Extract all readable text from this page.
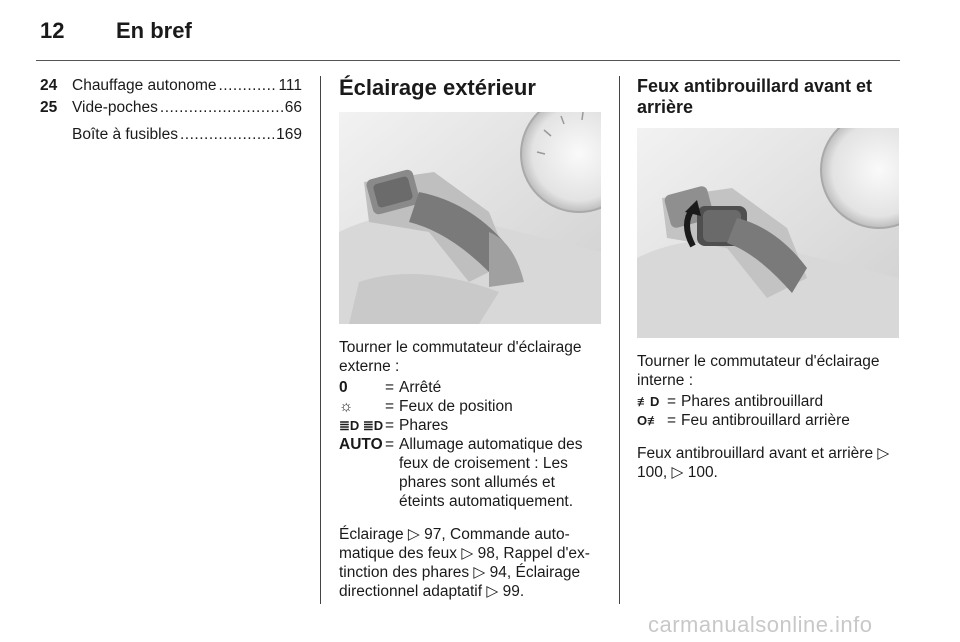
12 En bref
24 Chauffage autonome .....	111
25 Vide-poches .....	66
Boîte à fusibles .....	169
Éclairage extérieur

Tourner le commutateur d'éclairage externe :

0	= Arrêté
☼	= Feux de position
≣D ≣D = Phares
AUTO = Allumage automatique des feux de croisement : Les phares sont allumés et éteints automatiquement.

Éclairage ▷ 97, Commande auto-matique des feux ▷ 98, Rappel d'ex-tinction des phares ▷ 94, Éclairage directionnel adaptatif ▷ 99.

Feux antibrouillard avant et arrière

Tourner le commutateur d'éclairage interne :

≢D = Phares antibrouillard
O≢ = Feu antibrouillard arrière

Feux antibrouillard avant et arrière ▷ 100, ▷ 100.

carmanualsonline.info
